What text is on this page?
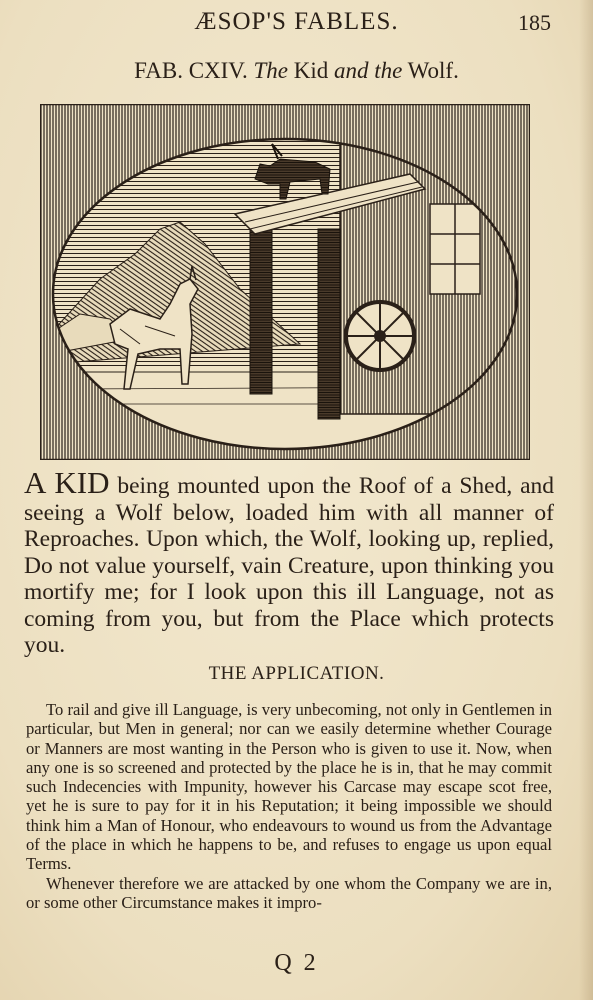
ÆSOP'S FABLES.	185
FAB. CXIV. The Kid and the Wolf.
A KID being mounted upon the Roof of a Shed, and seeing a Wolf below, loaded him with all manner of Reproaches. Upon which, the Wolf, looking up, replied, Do not value yourself, vain Creature, upon thinking you mortify me; for I look upon this ill Language, not as coming from you, but from the Place which protects you.
THE APPLICATION.

To rail and give ill Language, is very unbecoming, not only in Gentlemen in particular, but Men in general; nor can we easily determine whether Courage or Manners are most wanting in the Person who is given to use it. Now, when any one is so screened and protected by the place he is in, that he may commit such Indecencies with Impunity, however his Carcase may escape scot free, yet he is sure to pay for it in his Reputation; it being impossible we should think him a Man of Honour, who endeavours to wound us from the Advantage of the place in which he happens to be, and refuses to engage us upon equal Terms.

Whenever therefore we are attacked by one whom the Company we are in, or some other Circumstance makes it impro-

Q 2
